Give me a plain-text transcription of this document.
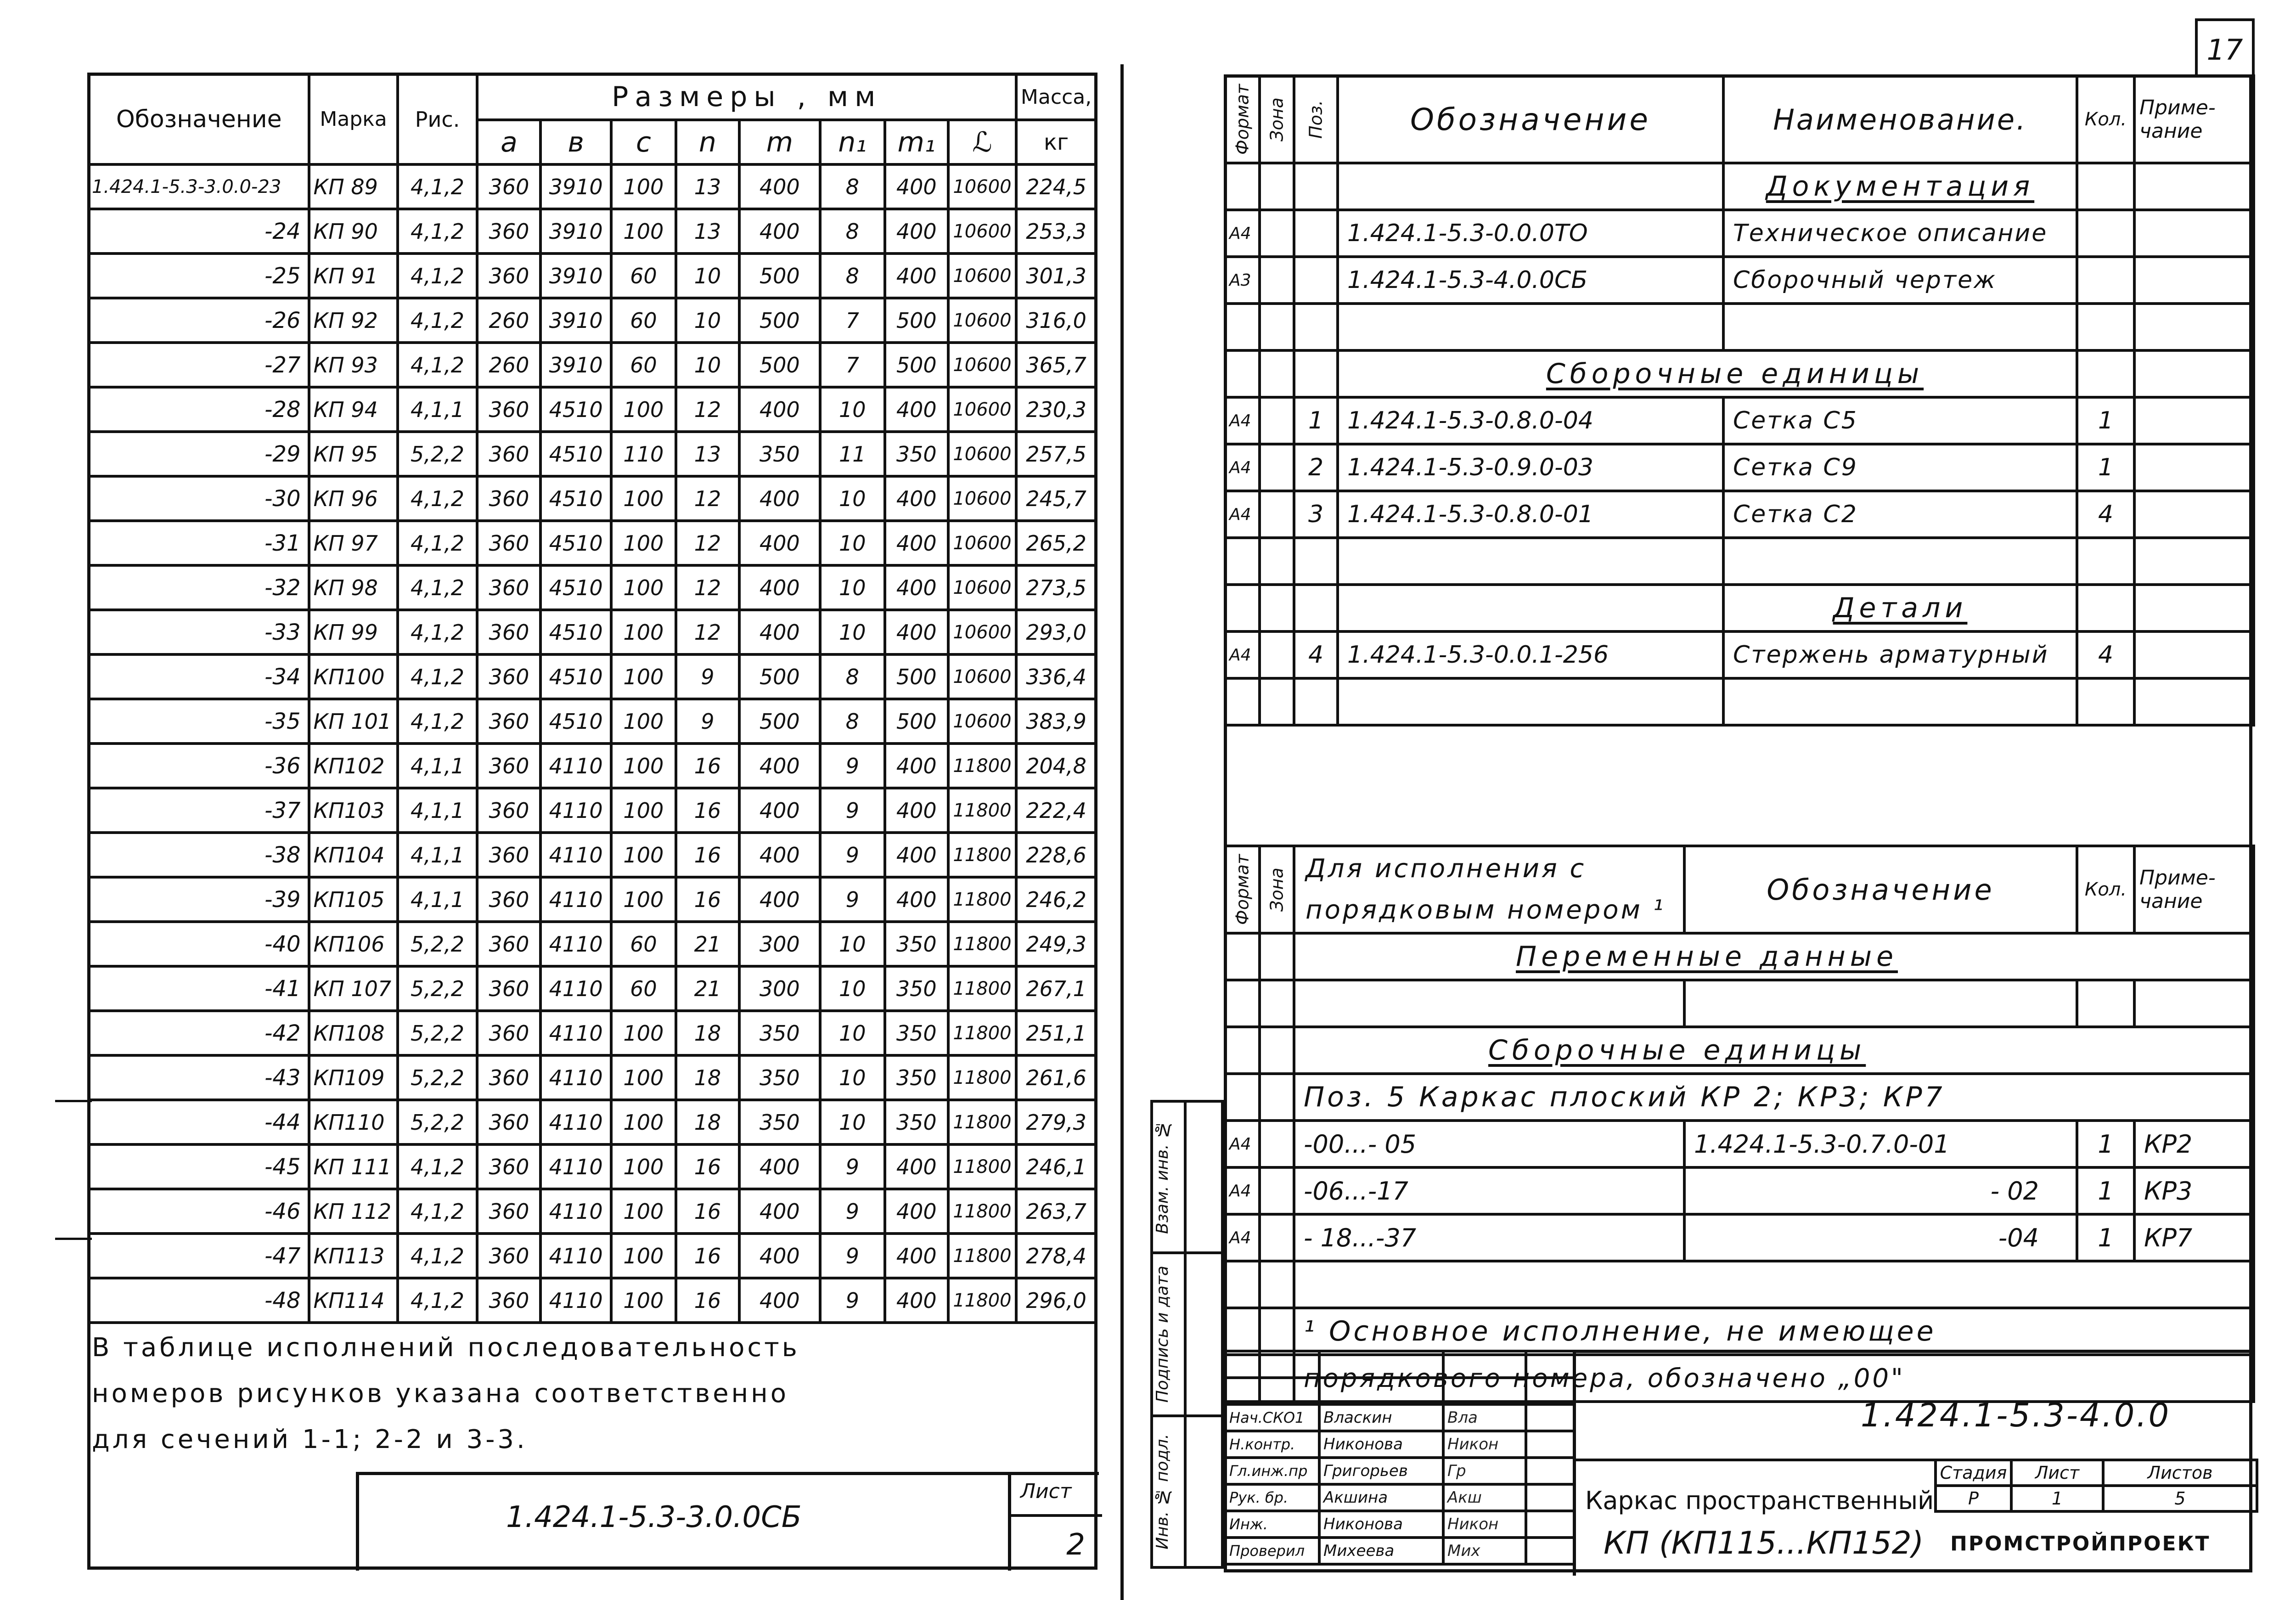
Обозначение	Марка	Рис.	Размеры , мм								Масса,
			a	в	c	n	m	n₁	m₁	ℒ	кг
1.424.1-5.3-3.0.0-23	КП 89	4,1,2	360	3910	100	13	400	8	400	10600	224,5
-24	КП 90	4,1,2	360	3910	100	13	400	8	400	10600	253,3
-25	КП 91	4,1,2	360	3910	60	10	500	8	400	10600	301,3
-26	КП 92	4,1,2	260	3910	60	10	500	7	500	10600	316,0
-27	КП 93	4,1,2	260	3910	60	10	500	7	500	10600	365,7
-28	КП 94	4,1,1	360	4510	100	12	400	10	400	10600	230,3
-29	КП 95	5,2,2	360	4510	110	13	350	11	350	10600	257,5
-30	КП 96	4,1,2	360	4510	100	12	400	10	400	10600	245,7
-31	КП 97	4,1,2	360	4510	100	12	400	10	400	10600	265,2
-32	КП 98	4,1,2	360	4510	100	12	400	10	400	10600	273,5
-33	КП 99	4,1,2	360	4510	100	12	400	10	400	10600	293,0
-34	КП100	4,1,2	360	4510	100	9	500	8	500	10600	336,4
-35	КП 101	4,1,2	360	4510	100	9	500	8	500	10600	383,9
-36	КП102	4,1,1	360	4110	100	16	400	9	400	11800	204,8
-37	КП103	4,1,1	360	4110	100	16	400	9	400	11800	222,4
-38	КП104	4,1,1	360	4110	100	16	400	9	400	11800	228,6
-39	КП105	4,1,1	360	4110	100	16	400	9	400	11800	246,2
-40	КП106	5,2,2	360	4110	60	21	300	10	350	11800	249,3
-41	КП 107	5,2,2	360	4110	60	21	300	10	350	11800	267,1
-42	КП108	5,2,2	360	4110	100	18	350	10	350	11800	251,1
-43	КП109	5,2,2	360	4110	100	18	350	10	350	11800	261,6
-44	КП110	5,2,2	360	4110	100	18	350	10	350	11800	279,3
-45	КП 111	4,1,2	360	4110	100	16	400	9	400	11800	246,1
-46	КП 112	4,1,2	360	4110	100	16	400	9	400	11800	263,7
-47	КП113	4,1,2	360	4110	100	16	400	9	400	11800	278,4
-48	КП114	4,1,2	360	4110	100	16	400	9	400	11800	296,0
В таблице исполнений последовательность
номеров рисунков указана соответственно
для сечений 1-1; 2-2 и 3-3.
1.424.1-5.3-3.0.0СБ
Лист
2
17
Формат	Зона	Поз.	Обозначение	Наименование.	Кол.	Приме-чание
				Документация		
А4			1.424.1-5.3-0.0.0ТО	Техническое описание		
А3			1.424.1-5.3-4.0.0СБ	Сборочный чертеж		

			Сборочные единицы			
А4		1	1.424.1-5.3-0.8.0-04	Сетка С5	1	
А4		2	1.424.1-5.3-0.9.0-03	Сетка С9	1	
А4		3	1.424.1-5.3-0.8.0-01	Сетка С2	4	

				Детали		
А4		4	1.424.1-5.3-0.0.1-256	Стержень арматурный	4	

Формат	Зона	Для исполнения с порядковым номером ¹	Обозначение	Кол.	Приме-чание
		Переменные данные			

		Сборочные единицы			
		Поз. 5 Каркас плоский КР 2; КР3; КР7			
А4		-00...- 05	1.424.1-5.3-0.7.0-01	1	КР2
А4		-06...-17	- 02	1	КР3
А4		- 18...-37	-04	1	КР7

		¹ Основное исполнение, не имеющее			
		порядкового номера, обозначено „00"			

Нач.СКО1	Власкин	Вла	
Н.контр.	Никонова	Никон	
Гл.инж.пр	Григорьев	Гр	
Рук. бр.	Акшина	Акш	
Инж.	Никонова	Никон	
Проверил	Михеева	Мих	
1.424.1-5.3-4.0.0
Каркас пространственный
КП (КП115...КП152)
Стадия	Лист	Листов
Р	1	5
ПРОМСТРОЙПРОЕКТ
Взам. инв. №	

Подпись и дата	

Инв. № подл.	
